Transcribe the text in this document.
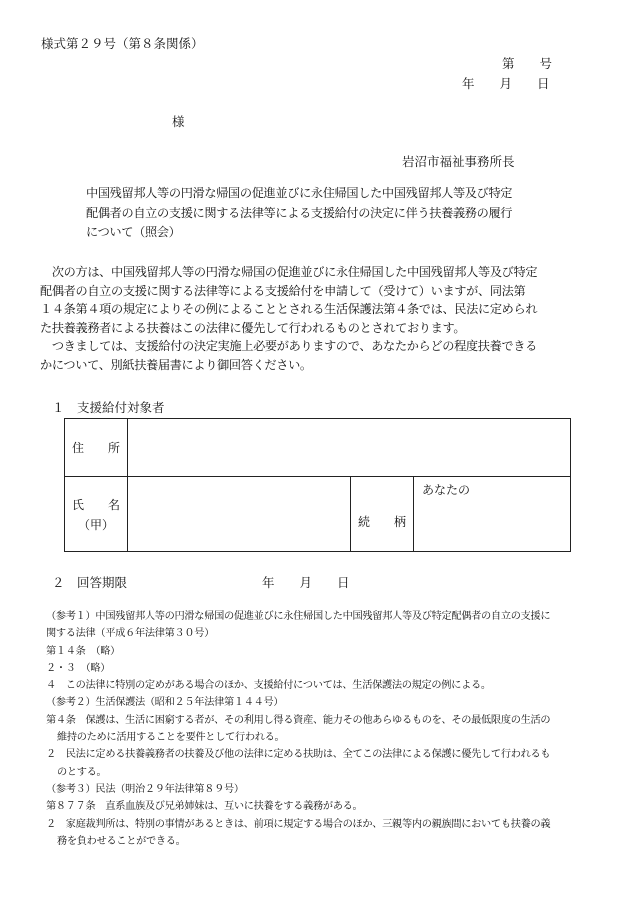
様式第２９号（第８条関係）
第　　号
年　　月　　日
様
岩沼市福祉事務所長
中国残留邦人等の円滑な帰国の促進並びに永住帰国した中国残留邦人等及び特定
配偶者の自立の支援に関する法律等による支援給付の決定に伴う扶養義務の履行
について（照会）
　次の方は、中国残留邦人等の円滑な帰国の促進並びに永住帰国した中国残留邦人等及び特定
配偶者の自立の支援に関する法律等による支援給付を申請して（受けて）いますが、同法第
１４条第４項の規定によりその例によることとされる生活保護法第４条では、民法に定められ
た扶養義務者による扶養はこの法律に優先して行われるものとされております。
　つきましては、支援給付の決定実施上必要がありますので、あなたからどの程度扶養できる
かについて、別紙扶養届書により御回答ください。
１　支援給付対象者
住　　所			

氏　　名
（甲）		続　　柄	あなたの
２　回答期限	年　　月　　日
（参考１）中国残留邦人等の円滑な帰国の促進並びに永住帰国した中国残留邦人等及び特定配偶者の自立の支援に
関する法律（平成６年法律第３０号）
第１４条　（略）
２・３　（略）
４　この法律に特別の定めがある場合のほか、支援給付については、生活保護法の規定の例による。
（参考２）生活保護法（昭和２５年法律第１４４号）
第４条　保護は、生活に困窮する者が、その利用し得る資産、能力その他あらゆるものを、その最低限度の生活の
維持のために活用することを要件として行われる。
２　民法に定める扶養義務者の扶養及び他の法律に定める扶助は、全てこの法律による保護に優先して行われるも
のとする。
（参考３）民法（明治２９年法律第８９号）
第８７７条　直系血族及び兄弟姉妹は、互いに扶養をする義務がある。
２　家庭裁判所は、特別の事情があるときは、前項に規定する場合のほか、三親等内の親族間においても扶養の義
務を負わせることができる。
